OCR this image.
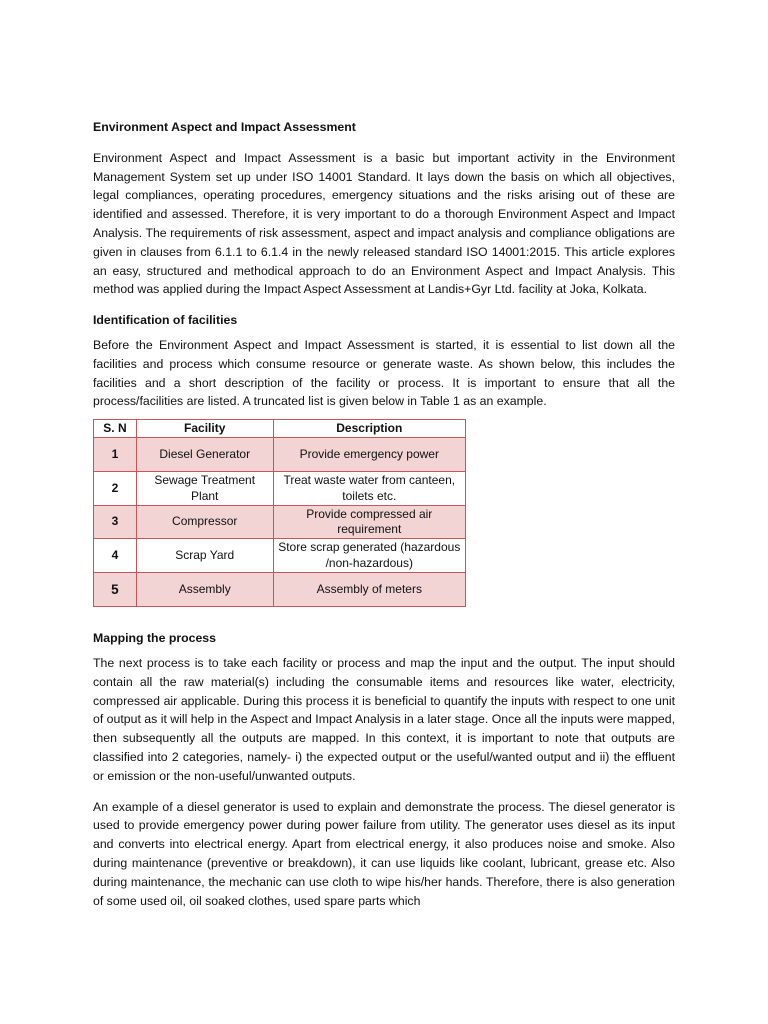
Environment Aspect and Impact Assessment

Environment Aspect and Impact Assessment is a basic but important activity in the Environment Management System set up under ISO 14001 Standard. It lays down the basis on which all objectives, legal compliances, operating procedures, emergency situations and the risks arising out of these are identified and assessed. Therefore, it is very important to do a thorough Environment Aspect and Impact Analysis. The requirements of risk assessment, aspect and impact analysis and compliance obligations are given in clauses from 6.1.1 to 6.1.4 in the newly released standard ISO 14001:2015. This article explores an easy, structured and methodical approach to do an Environment Aspect and Impact Analysis. This method was applied during the Impact Aspect Assessment at Landis+Gyr Ltd. facility at Joka, Kolkata.

Identification of facilities

Before the Environment Aspect and Impact Assessment is started, it is essential to list down all the facilities and process which consume resource or generate waste. As shown below, this includes the facilities and a short description of the facility or process. It is important to ensure that all the process/facilities are listed. A truncated list is given below in Table 1 as an example.

S. N	Facility	Description
1	Diesel Generator	Provide emergency power
2	Sewage Treatment Plant	Treat waste water from canteen, toilets etc.
3	Compressor	Provide compressed air requirement
4	Scrap Yard	Store scrap generated (hazardous /non-hazardous)
5	Assembly	Assembly of meters
Mapping the process

The next process is to take each facility or process and map the input and the output. The input should contain all the raw material(s) including the consumable items and resources like water, electricity, compressed air applicable. During this process it is beneficial to quantify the inputs with respect to one unit of output as it will help in the Aspect and Impact Analysis in a later stage. Once all the inputs were mapped, then subsequently all the outputs are mapped. In this context, it is important to note that outputs are classified into 2 categories, namely- i) the expected output or the useful/wanted output and ii) the effluent or emission or the non-useful/unwanted outputs.

An example of a diesel generator is used to explain and demonstrate the process. The diesel generator is used to provide emergency power during power failure from utility. The generator uses diesel as its input and converts into electrical energy. Apart from electrical energy, it also produces noise and smoke. Also during maintenance (preventive or breakdown), it can use liquids like coolant, lubricant, grease etc. Also during maintenance, the mechanic can use cloth to wipe his/her hands. Therefore, there is also generation of some used oil, oil soaked clothes, used spare parts which
